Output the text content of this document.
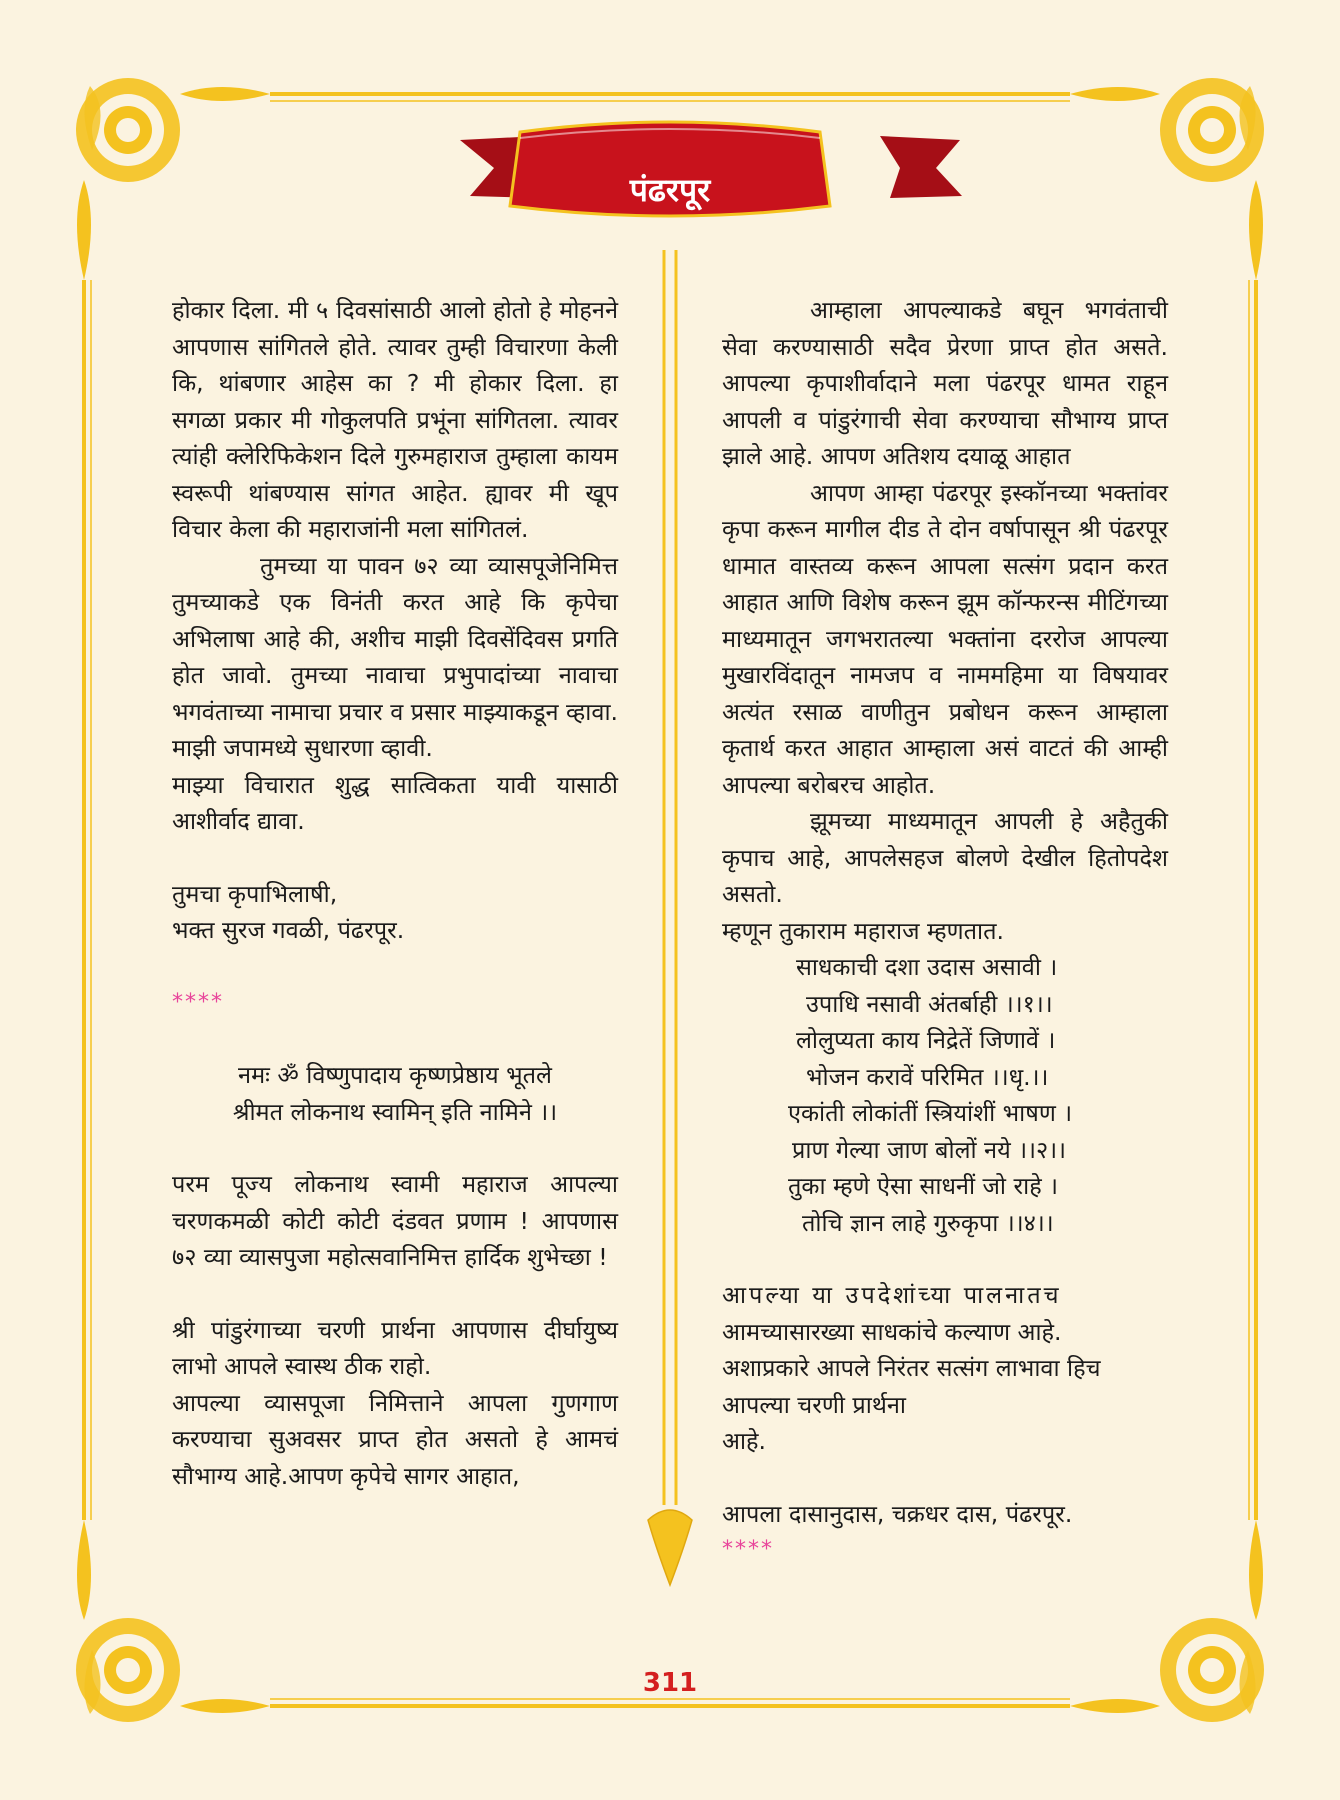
पंढरपूर

होकार दिला. मी ५ दिवसांसाठी आलो होतो हे मोहनने आपणास सांगितले होते. त्यावर तुम्ही विचारणा केली कि, थांबणार आहेस का ? मी होकार दिला. हा सगळा प्रकार मी गोकुलपति प्रभूंना सांगितला. त्यावर त्यांही क्लेरिफिकेशन दिले गुरुमहाराज तुम्हाला कायम स्वरूपी थांबण्यास सांगत आहेत. ह्यावर मी खूप विचार केला की महाराजांनी मला सांगितलं.

तुमच्या या पावन ७२ व्या व्यासपूजेनिमित्त तुमच्याकडे एक विनंती करत आहे कि कृपेचा अभिलाषा आहे की, अशीच माझी दिवसेंदिवस प्रगति होत जावो. तुमच्या नावाचा प्रभुपादांच्या नावाचा भगवंताच्या नामाचा प्रचार व प्रसार माझ्याकडून व्हावा. माझी जपामध्ये सुधारणा व्हावी.

माझ्या विचारात शुद्ध सात्विकता यावी यासाठी आशीर्वाद द्यावा.

तुमचा कृपाभिलाषी,

भक्त सुरज गवळी, पंढरपूर.

****

नमः ॐ विष्णुपादाय कृष्णप्रेष्ठाय भूतले

श्रीमत लोकनाथ स्वामिन् इति नामिने ।।

परम पूज्य लोकनाथ स्वामी महाराज आपल्या चरणकमळी कोटी कोटी दंडवत प्रणाम ! आपणास ७२ व्या व्यासपुजा महोत्सवानिमित्त हार्दिक शुभेच्छा !

श्री पांडुरंगाच्या चरणी प्रार्थना आपणास दीर्घायुष्य लाभो आपले स्वास्थ ठीक राहो.

आपल्या व्यासपूजा निमित्ताने आपला गुणगाण करण्याचा सुअवसर प्राप्त होत असतो हे आमचं सौभाग्य आहे.आपण कृपेचे सागर आहात,

आम्हाला आपल्याकडे बघून भगवंताची सेवा करण्यासाठी सदैव प्रेरणा प्राप्त होत असते. आपल्या कृपाशीर्वादाने मला पंढरपूर धामत राहून आपली व पांडुरंगाची सेवा करण्याचा सौभाग्य प्राप्त झाले आहे. आपण अतिशय दयाळू आहात

आपण आम्हा पंढरपूर इस्कॉनच्या भक्तांवर कृपा करून मागील दीड ते दोन वर्षापासून श्री पंढरपूर धामात वास्तव्य करून आपला सत्संग प्रदान करत आहात आणि विशेष करून झूम कॉन्फरन्स मीटिंगच्या माध्यमातून जगभरातल्या भक्तांना दररोज आपल्या मुखारविंदातून नामजप व नाममहिमा या विषयावर अत्यंत रसाळ वाणीतुन प्रबोधन करून आम्हाला कृतार्थ करत आहात आम्हाला असं वाटतं की आम्ही आपल्या बरोबरच आहोत.

झूमच्या माध्यमातून आपली हे अहैतुकी कृपाच आहे, आपलेसहज बोलणे देखील हितोपदेश असतो.

म्हणून तुकाराम महाराज म्हणतात.

साधकाची दशा उदास असावी ।

उपाधि नसावी अंतर्बाही ।।१।।

लोलुप्यता काय निद्रेतें जिणावें ।

भोजन करावें परिमित ।।धृ.।।

एकांती लोकांतीं स्त्रियांशीं भाषण ।

प्राण गेल्या जाण बोलों नये ।।२।।

तुका म्हणे ऐसा साधनीं जो राहे ।

तोचि ज्ञान लाहे गुरुकृपा ।।४।।

आपल्या या उपदेशांच्या पालनातच

आमच्यासारख्या साधकांचे कल्याण आहे.

अशाप्रकारे आपले निरंतर सत्संग लाभावा हिच

आपल्या चरणी प्रार्थना

आहे.

आपला दासानुदास, चक्रधर दास, पंढरपूर.

****

311
